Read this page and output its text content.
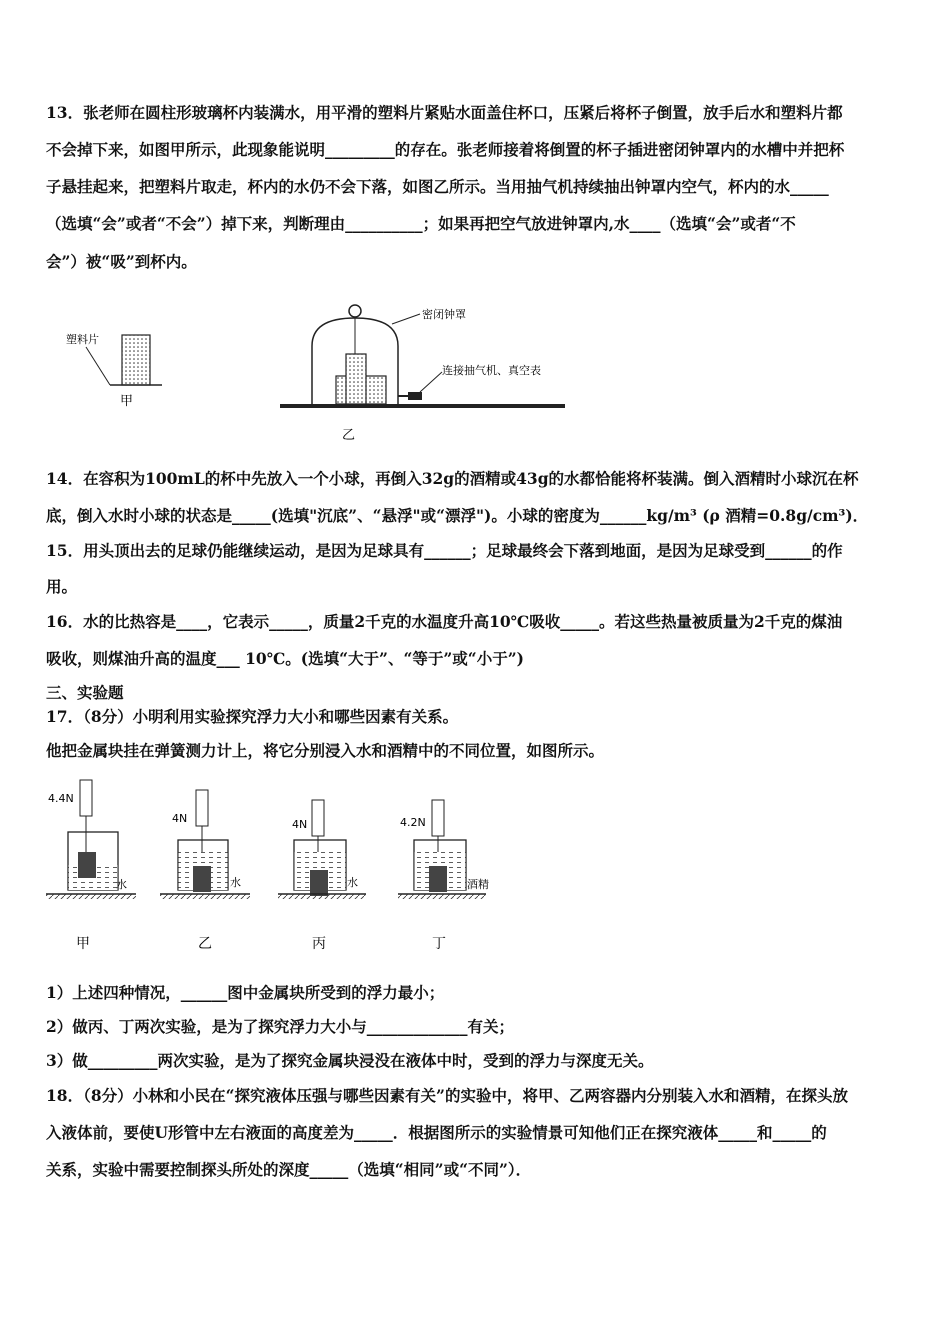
13．张老师在圆柱形玻璃杯内装满水，用平滑的塑料片紧贴水面盖住杯口，压紧后将杯子倒置，放手后水和塑料片都
不会掉下来，如图甲所示，此现象能说明_________的存在。张老师接着将倒置的杯子插进密闭钟罩内的水槽中并把杯
子悬挂起来，把塑料片取走，杯内的水仍不会下落，如图乙所示。当用抽气机持续抽出钟罩内空气，杯内的水_____
（选填“会”或者“不会”）掉下来，判断理由__________；如果再把空气放进钟罩内,水____（选填“会”或者“不
会”）被“吸”到杯内。
塑料片
甲
密闭钟罩
连接抽气机、真空表
乙
14．在容积为100mL的杯中先放入一个小球，再倒入32g的酒精或43g的水都恰能将杯装满。倒入酒精时小球沉在杯
底，倒入水时小球的状态是_____(选填"沉底”、“悬浮"或“漂浮")。小球的密度为______kg/m³ (ρ 酒精=0.8g/cm³)．
15．用头顶出去的足球仍能继续运动，是因为足球具有______；足球最终会下落到地面，是因为足球受到______的作
用。
16．水的比热容是____，它表示_____，质量2千克的水温度升高10℃吸收_____。若这些热量被质量为2千克的煤油
吸收，则煤油升高的温度___ 10℃。(选填“大于”、“等于”或“小于”)
三、实验题
17．（8分）小明利用实验探究浮力大小和哪些因素有关系。
他把金属块挂在弹簧测力计上，将它分别浸入水和酒精中的不同位置，如图所示。
4.4N
水
甲
4N
水
乙
4N
水
丙
4.2N
酒精
丁
1）上述四种情况，______图中金属块所受到的浮力最小；
2）做丙、丁两次实验，是为了探究浮力大小与_____________有关；
3）做_________两次实验，是为了探究金属块浸没在液体中时，受到的浮力与深度无关。
18．（8分）小林和小民在“探究液体压强与哪些因素有关”的实验中，将甲、乙两容器内分别装入水和酒精，在探头放
入液体前，要使U形管中左右液面的高度差为_____．根据图所示的实验情景可知他们正在探究液体_____和_____的
关系，实验中需要控制探头所处的深度_____（选填“相同”或“不同”）．
